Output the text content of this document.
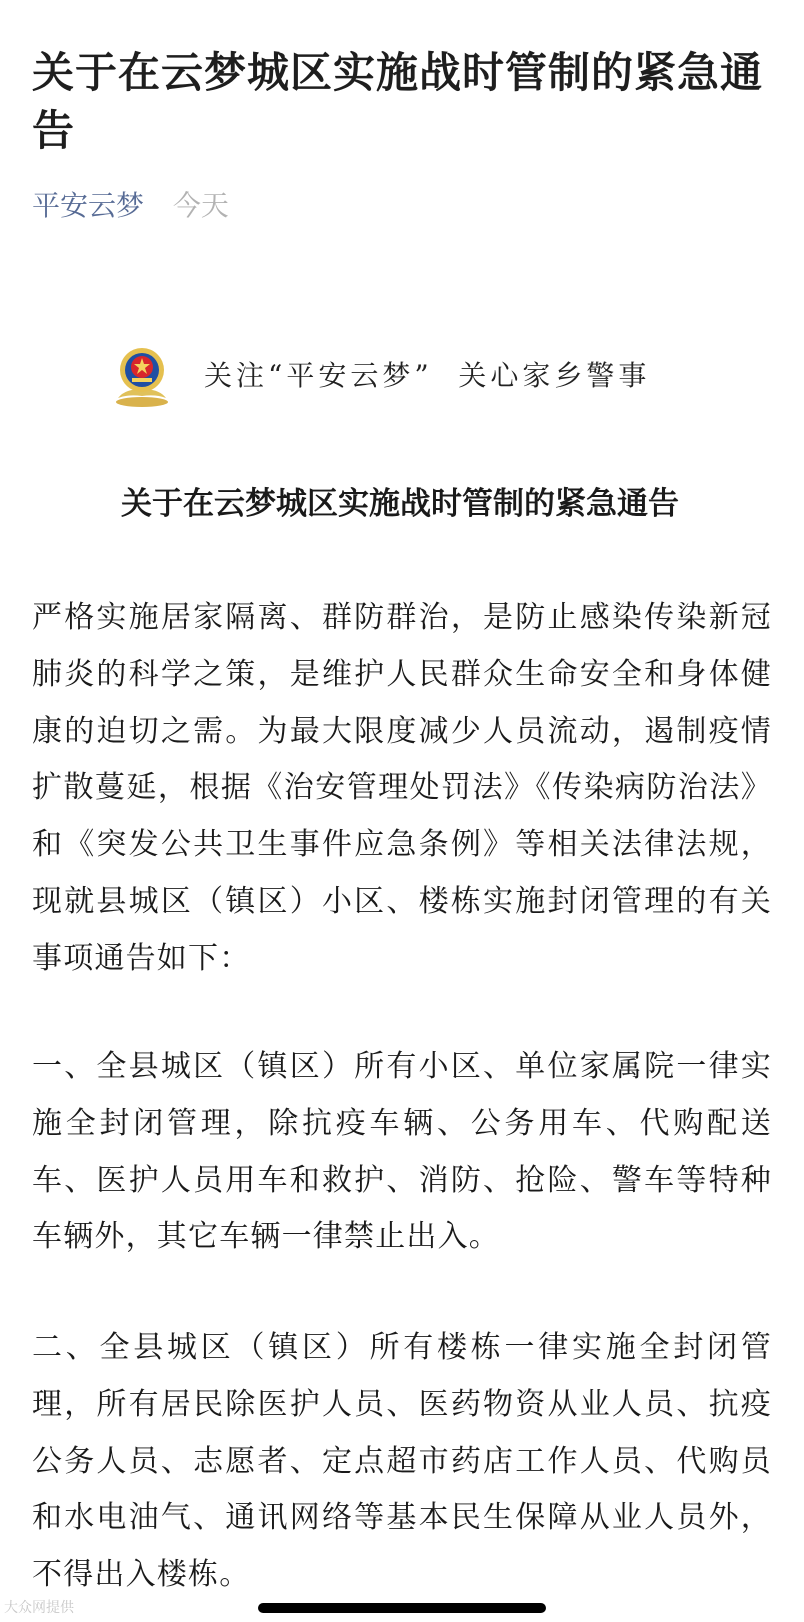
关于在云梦城区实施战时管制的紧急通告
平安云梦 今天
关注“平安云梦”  关心家乡警事
关于在云梦城区实施战时管制的紧急通告

严格实施居家隔离、群防群治，是防止感染传染新冠肺炎的科学之策，是维护人民群众生命安全和身体健康的迫切之需。为最大限度减少人员流动，遏制疫情扩散蔓延，根据《治安管理处罚法》《传染病防治法》和《突发公共卫生事件应急条例》等相关法律法规，现就县城区（镇区）小区、楼栋实施封闭管理的有关事项通告如下：

一、全县城区（镇区）所有小区、单位家属院一律实施全封闭管理，除抗疫车辆、公务用车、代购配送车、医护人员用车和救护、消防、抢险、警车等特种车辆外，其它车辆一律禁止出入。

二、全县城区（镇区）所有楼栋一律实施全封闭管理，所有居民除医护人员、医药物资从业人员、抗疫公务人员、志愿者、定点超市药店工作人员、代购员和水电油气、通讯网络等基本民生保障从业人员外，不得出入楼栋。

大众网提供
